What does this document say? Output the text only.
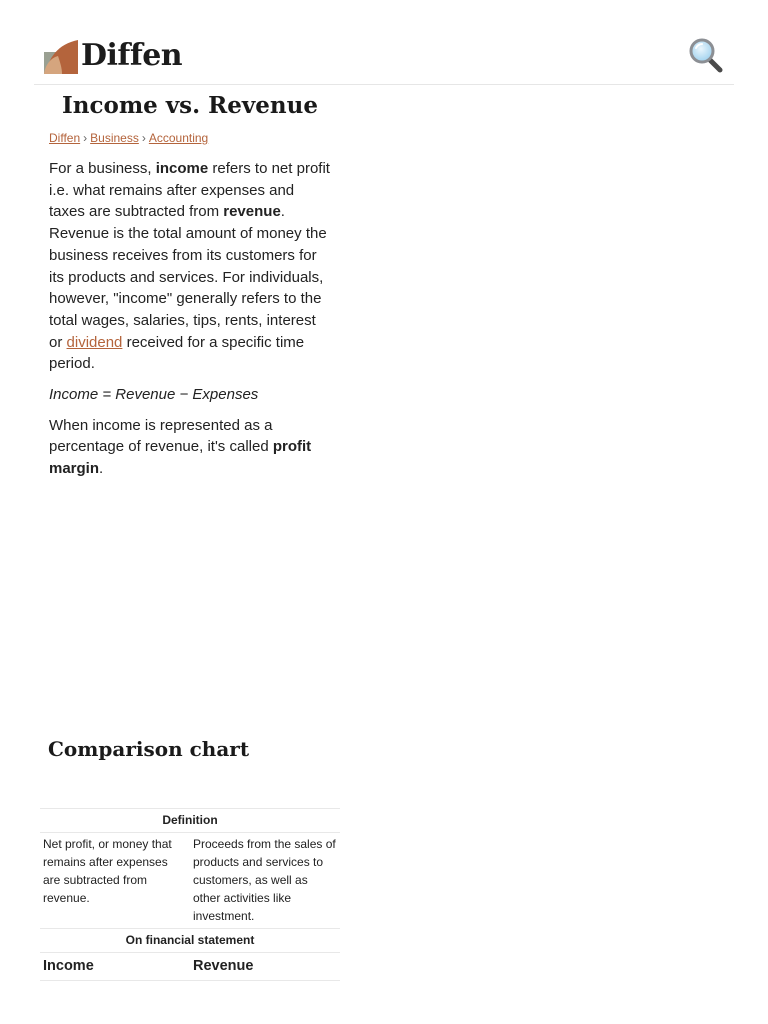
Diffen
Income vs. Revenue
Diffen › Business › Accounting

For a business, income refers to net profit i.e. what remains after expenses and taxes are subtracted from revenue. Revenue is the total amount of money the business receives from its customers for its products and services. For individuals, however, "income" generally refers to the total wages, salaries, tips, rents, interest or dividend received for a specific time period.

Income = Revenue − Expenses

When income is represented as a percentage of revenue, it's called profit margin.

Comparison chart
Definition	
Net profit, or money that remains after expenses are subtracted from revenue.	Proceeds from the sales of products and services to customers, as well as other activities like investment.
On financial statement	
Income	Revenue
